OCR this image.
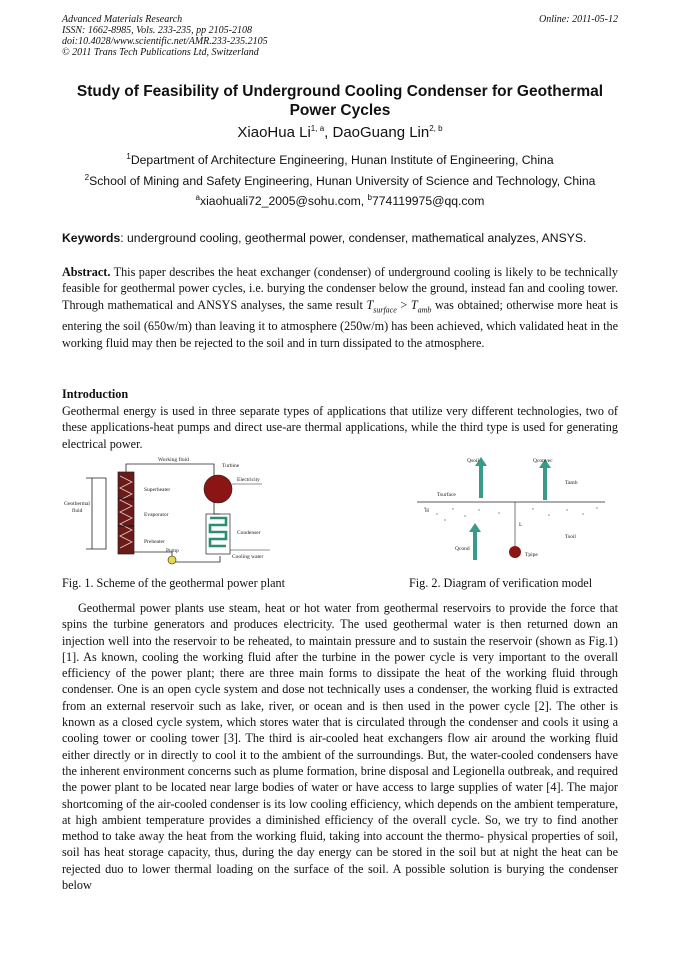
Advanced Materials Research
ISSN: 1662-8985, Vols. 233-235, pp 2105-2108
doi:10.4028/www.scientific.net/AMR.233-235.2105
© 2011 Trans Tech Publications Ltd, Switzerland
Online: 2011-05-12
Study of Feasibility of Underground Cooling Condenser for Geothermal
Power Cycles
XiaoHua Li$^{1, a}$, DaoGuang Lin$^{2, b}$
$^1$Department of Architecture Engineering, Hunan Institute of Engineering, China
$^2$School of Mining and Safety Engineering, Hunan University of Science and Technology, China
$^a$xiaohuali72_2005@sohu.com, $^b$774119975@qq.com
Keywords: underground cooling, geothermal power, condenser, mathematical analyzes, ANSYS.
Abstract. This paper describes the heat exchanger (condenser) of underground cooling is likely to be technically feasible for geothermal power cycles, i.e. burying the condenser below the ground, instead fan and cooling tower. Through mathematical and ANSYS analyses, the same result $T_{surface} > T_{amb}$ was obtained; otherwise more heat is entering the soil (650w/m) than leaving it to atmosphere (250w/m) has been achieved, which validated heat in the working fluid may then be rejected to the soil and in turn dissipated to the atmosphere.
Introduction
Geothermal energy is used in three separate types of applications that utilize very different technologies, two of these applications-heat pumps and direct use-are thermal applications, while the third type is used for generating electrical power.
Working fluid
Turbine
Electricity
Superheater
Geothermal
fluid
Evaporator
Condenser
Preheater
Pump
Cooling water
Qsoil	Qconvec
Tamb
Tsurface
H
L
Tsoil
Qcond
Tpipe
Fig. 1. Scheme of the geothermal power plant	Fig. 2. Diagram of verification model
Geothermal power plants use steam, heat or hot water from geothermal reservoirs to provide the force that spins the turbine generators and produces electricity. The used geothermal water is then returned down an injection well into the reservoir to be reheated, to maintain pressure and to sustain the reservoir (shown as Fig.1) [1]. As known, cooling the working fluid after the turbine in the power cycle is very important to the overall efficiency of the power plant; there are three main forms to dissipate the heat of the working fluid through condenser. One is an open cycle system and dose not technically uses a condenser, the working fluid is extracted from an external reservoir such as lake, river, or ocean and is then used in the power cycle [2]. The other is known as a closed cycle system, which stores water that is circulated through the condenser and cools it using a cooling tower or cooling tower [3]. The third is air-cooled heat exchangers flow air around the working fluid either directly or in directly to cool it to the ambient of the surroundings. But, the water-cooled condensers have the inherent environment concerns such as plume formation, brine disposal and Legionella outbreak, and required the power plant to be located near large bodies of water or have access to large supplies of water [4]. The major shortcoming of the air-cooled condenser is its low cooling efficiency, which depends on the ambient temperature, at high ambient temperature provides a diminished efficiency of the overall cycle. So, we try to find another method to take away the heat from the working fluid, taking into account the thermo- physical properties of soil, soil has heat storage capacity, thus, during the day energy can be stored in the soil but at night the heat can be rejected duo to lower thermal loading on the surface of the soil. A possible solution is burying the condenser below
